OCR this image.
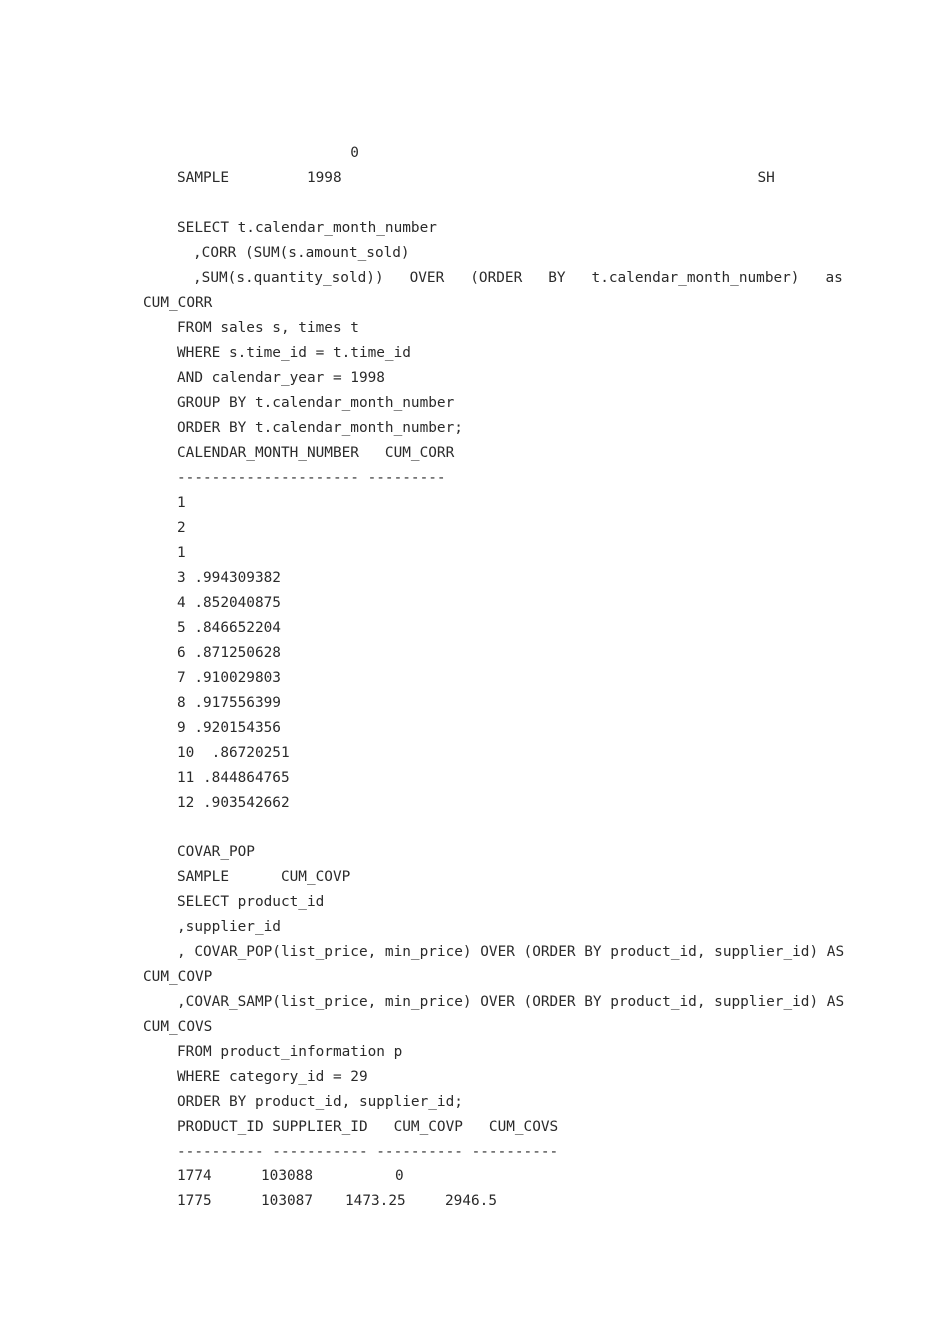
0
SAMPLE         1998                                                SH

SELECT t.calendar_month_number
,CORR (SUM(s.amount_sold)
,SUM(s.quantity_sold))   OVER   (ORDER   BY   t.calendar_month_number)   as
CUM_CORR
FROM sales s, times t
WHERE s.time_id = t.time_id
AND calendar_year = 1998
GROUP BY t.calendar_month_number
ORDER BY t.calendar_month_number;
CALENDAR_MONTH_NUMBER   CUM_CORR
--------------------- ---------
1
2
1
3 .994309382
4 .852040875
5 .846652204
6 .871250628
7 .910029803
8 .917556399
9 .920154356
10  .86720251
11 .844864765
12 .903542662
COVAR_POP
SAMPLE      CUM_COVP
SELECT product_id
,supplier_id
, COVAR_POP(list_price, min_price) OVER (ORDER BY product_id, supplier_id) AS
CUM_COVP
,COVAR_SAMP(list_price, min_price) OVER (ORDER BY product_id, supplier_id) AS
CUM_COVS
FROM product_information p
WHERE category_id = 29
ORDER BY product_id, supplier_id;
PRODUCT_ID SUPPLIER_ID   CUM_COVP   CUM_COVS
---------- ----------- ---------- ----------
1774	103088	0
1775	103087 1473.25	2946.5
